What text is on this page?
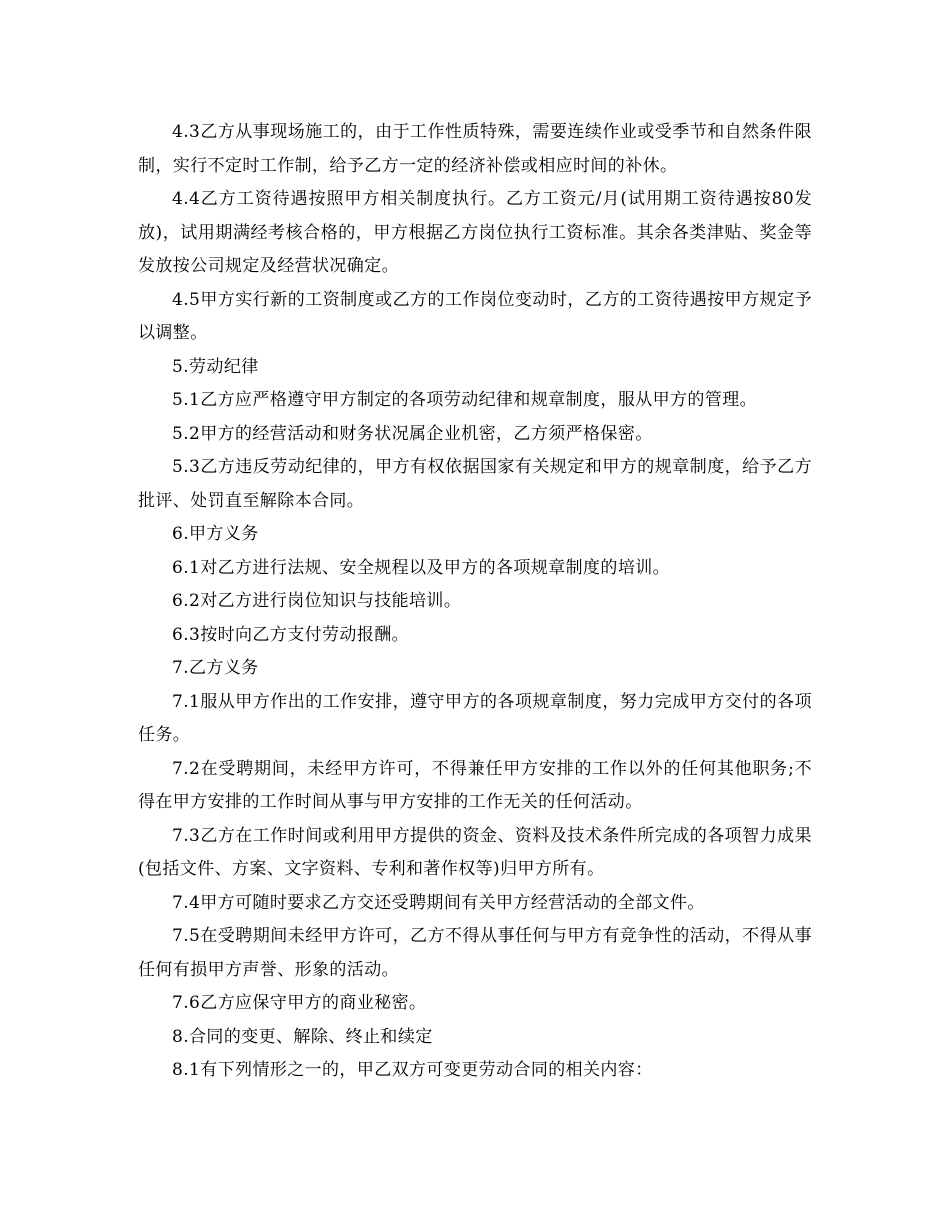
4.3乙方从事现场施工的，由于工作性质特殊，需要连续作业或受季节和自然条件限制，实行不定时工作制，给予乙方一定的经济补偿或相应时间的补休。

4.4乙方工资待遇按照甲方相关制度执行。乙方工资元/月(试用期工资待遇按80发放)，试用期满经考核合格的，甲方根据乙方岗位执行工资标准。其余各类津贴、奖金等发放按公司规定及经营状况确定。

4.5甲方实行新的工资制度或乙方的工作岗位变动时，乙方的工资待遇按甲方规定予以调整。

5.劳动纪律

5.1乙方应严格遵守甲方制定的各项劳动纪律和规章制度，服从甲方的管理。

5.2甲方的经营活动和财务状况属企业机密，乙方须严格保密。

5.3乙方违反劳动纪律的，甲方有权依据国家有关规定和甲方的规章制度，给予乙方批评、处罚直至解除本合同。

6.甲方义务

6.1对乙方进行法规、安全规程以及甲方的各项规章制度的培训。

6.2对乙方进行岗位知识与技能培训。

6.3按时向乙方支付劳动报酬。

7.乙方义务

7.1服从甲方作出的工作安排，遵守甲方的各项规章制度，努力完成甲方交付的各项任务。

7.2在受聘期间，未经甲方许可，不得兼任甲方安排的工作以外的任何其他职务;不得在甲方安排的工作时间从事与甲方安排的工作无关的任何活动。

7.3乙方在工作时间或利用甲方提供的资金、资料及技术条件所完成的各项智力成果(包括文件、方案、文字资料、专利和著作权等)归甲方所有。

7.4甲方可随时要求乙方交还受聘期间有关甲方经营活动的全部文件。

7.5在受聘期间未经甲方许可，乙方不得从事任何与甲方有竞争性的活动，不得从事任何有损甲方声誉、形象的活动。

7.6乙方应保守甲方的商业秘密。

8.合同的变更、解除、终止和续定

8.1有下列情形之一的，甲乙双方可变更劳动合同的相关内容：
